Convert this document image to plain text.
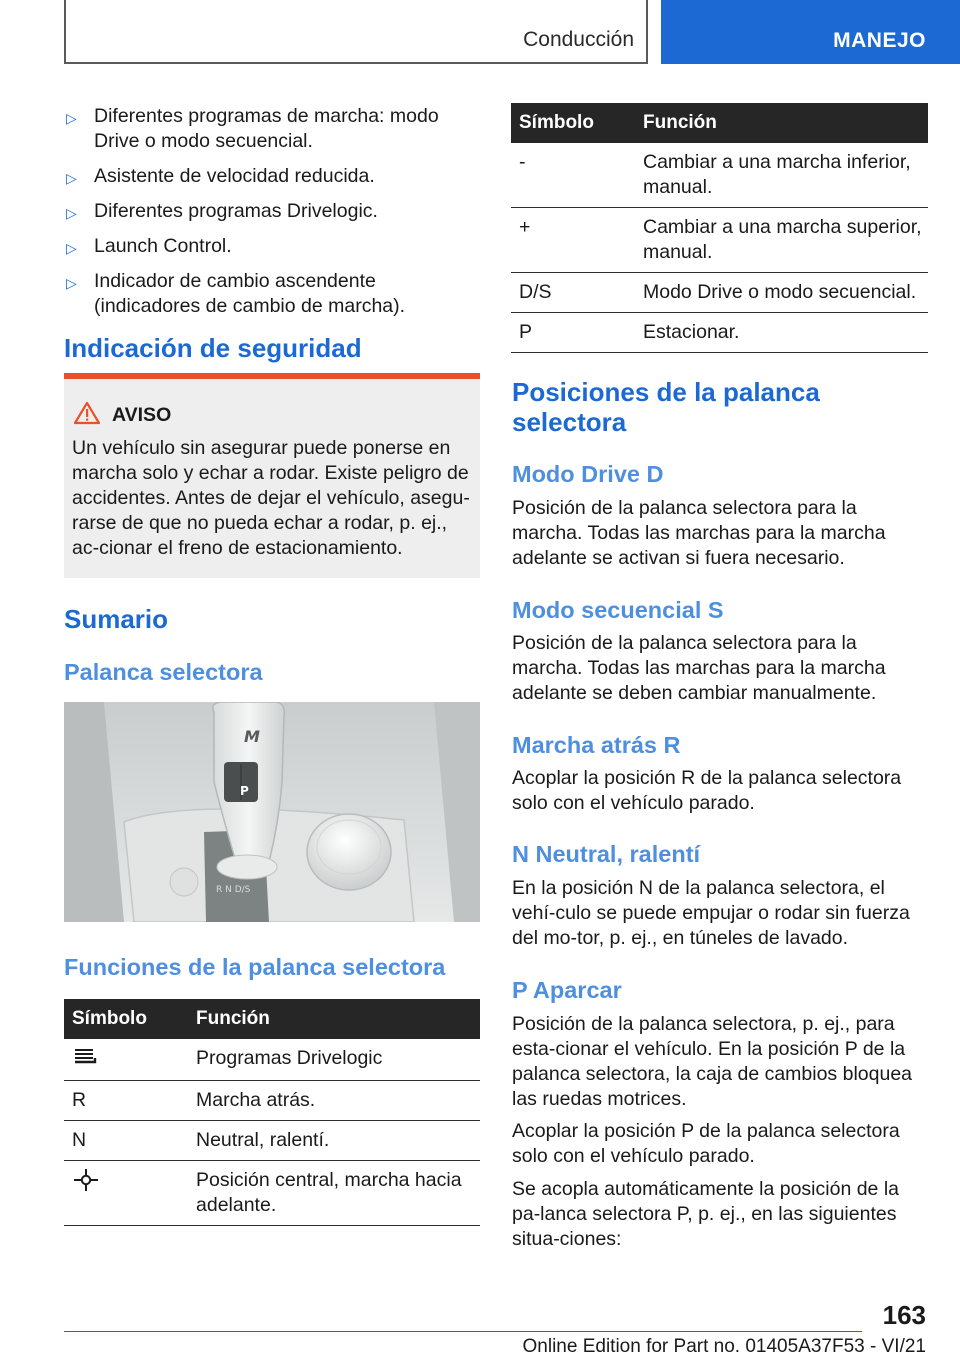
Conducción	MANEJO
▷ Diferentes programas de marcha: modo Drive o modo secuencial.
▷ Asistente de velocidad reducida.
▷ Diferentes programas Drivelogic.
▷ Launch Control.
▷ Indicador de cambio ascendente (indicadores de cambio de marcha).
Indicación de seguridad
AVISO
Un vehículo sin asegurar puede ponerse en marcha solo y echar a rodar. Existe peligro de accidentes. Antes de dejar el vehículo, asegu-rarse de que no pueda echar a rodar, p. ej., ac-cionar el freno de estacionamiento.
Sumario
Palanca selectora
P
M
R N D/S
Funciones de la palanca selectora
Símbolo	Función
	Programas Drivelogic
R	Marcha atrás.
N	Neutral, ralentí.
	Posición central, marcha hacia adelante.
Símbolo	Función
-	Cambiar a una marcha inferior, manual.
+	Cambiar a una marcha superior, manual.
D/S	Modo Drive o modo secuencial.
P	Estacionar.
Posiciones de la palanca selectora
Modo Drive D
Posición de la palanca selectora para la marcha. Todas las marchas para la marcha adelante se activan si fuera necesario.
Modo secuencial S
Posición de la palanca selectora para la marcha. Todas las marchas para la marcha adelante se deben cambiar manualmente.
Marcha atrás R
Acoplar la posición R de la palanca selectora solo con el vehículo parado.
N Neutral, ralentí
En la posición N de la palanca selectora, el vehí-culo se puede empujar o rodar sin fuerza del mo-tor, p. ej., en túneles de lavado.
P Aparcar
Posición de la palanca selectora, p. ej., para esta-cionar el vehículo. En la posición P de la palanca selectora, la caja de cambios bloquea las ruedas motrices.
Acoplar la posición P de la palanca selectora solo con el vehículo parado.
Se acopla automáticamente la posición de la pa-lanca selectora P, p. ej., en las siguientes situa-ciones:
163
Online Edition for Part no. 01405A37F53 - VI/21
